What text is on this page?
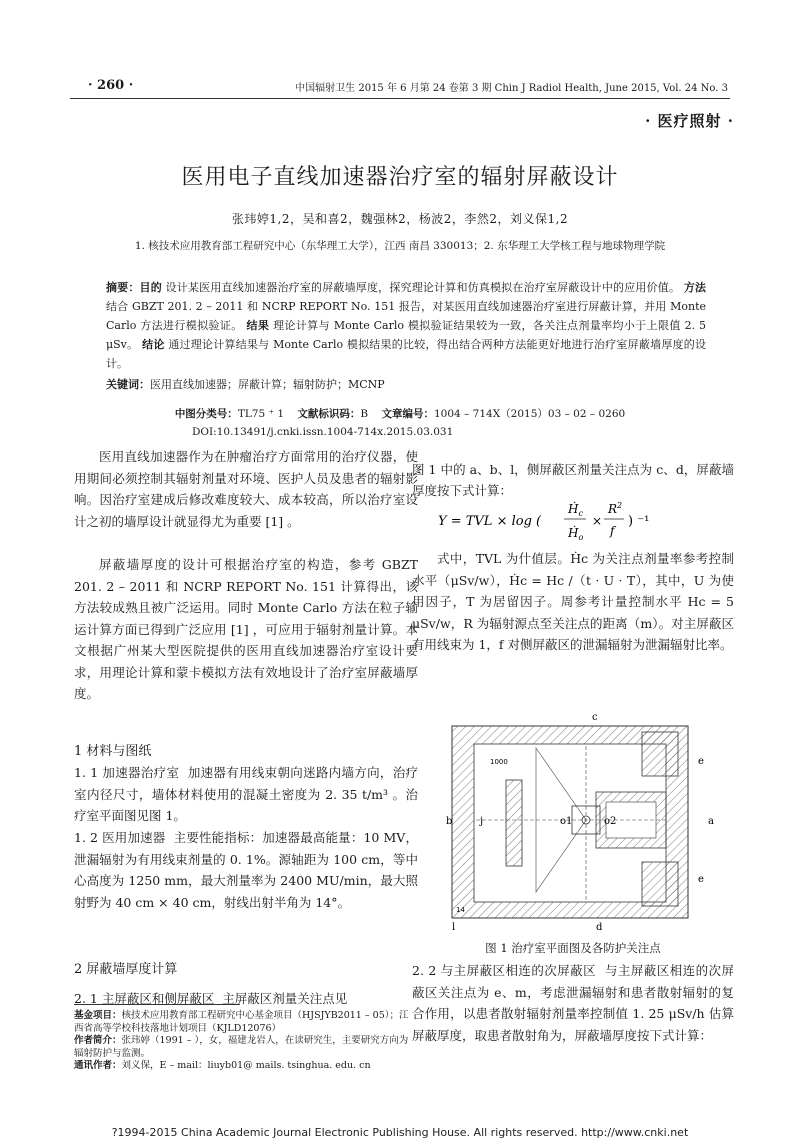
· 260 ·	中国辐射卫生 2015 年 6 月第 24 卷第 3 期 Chin J Radiol Health, June 2015, Vol. 24 No. 3
· 医疗照射 ·
医用电子直线加速器治疗室的辐射屏蔽设计
张玮婷1,2，吴和喜2，魏强林2，杨波2，李然2，刘义保1,2
1. 核技术应用教育部工程研究中心（东华理工大学），江西 南昌 330013；2. 东华理工大学核工程与地球物理学院
摘要：目的 设计某医用直线加速器治疗室的屏蔽墙厚度，探究理论计算和仿真模拟在治疗室屏蔽设计中的应用价值。 方法 结合 GBZT 201. 2 – 2011 和 NCRP REPORT No. 151 报告，对某医用直线加速器治疗室进行屏蔽计算，并用 Monte Carlo 方法进行模拟验证。 结果 理论计算与 Monte Carlo 模拟验证结果较为一致，各关注点剂量率均小于上限值 2. 5 μSv。 结论 通过理论计算结果与 Monte Carlo 模拟结果的比较，得出结合两种方法能更好地进行治疗室屏蔽墙厚度的设计。
关键词：医用直线加速器；屏蔽计算；辐射防护；MCNP
中图分类号：TL75 ⁺ 1 文献标识码：B 文章编号：1004 – 714X（2015）03 – 02 – 0260
DOI:10.13491/j.cnki.issn.1004-714x.2015.03.031

医用直线加速器作为在肿瘤治疗方面常用的治疗仪器，使用期间必须控制其辐射剂量对环境、医护人员及患者的辐射影响。因治疗室建成后修改难度较大、成本较高，所以治疗室设计之初的墙厚设计就显得尤为重要 [1] 。

屏蔽墙厚度的设计可根据治疗室的构造，参考 GBZT 201. 2 – 2011 和 NCRP REPORT No. 151 计算得出，该方法较成熟且被广泛运用。同时 Monte Carlo 方法在粒子输运计算方面已得到广泛应用 [1] ，可应用于辐射剂量计算。本文根据广州某大型医院提供的医用直线加速器治疗室设计要求，用理论计算和蒙卡模拟方法有效地设计了治疗室屏蔽墙厚度。

1 材料与图纸
1. 1 加速器治疗室 加速器有用线束朝向迷路内墙方向，治疗室内径尺寸，墙体材料使用的混凝土密度为 2. 35 t/m³ 。治疗室平面图见图 1。
1. 2 医用加速器 主要性能指标：加速器最高能量：10 MV，泄漏辐射为有用线束剂量的 0. 1%。源轴距为 100 cm，等中心高度为 1250 mm，最大剂量率为 2400 MU/min，最大照射野为 40 cm × 40 cm，射线出射半角为 14°。
2 屏蔽墙厚度计算
2. 1 主屏蔽区和侧屏蔽区 主屏蔽区剂量关注点见
基金项目：核技术应用教育部工程研究中心基金项目（HJSJYB2011 – 05）；江西省高等学校科技落地计划项目（KJLD12076）
作者简介：张玮婷（1991 – ），女，福建龙岩人，在读研究生，主要研究方向为辐射防护与监测。
通讯作者：刘义保，E – mail：liuyb01@ mails. tsinghua. edu. cn

图 1 中的 a、b、l，侧屏蔽区剂量关注点为 c、d，屏蔽墙厚度按下式计算：

Y = TVL × log (
Ḣ$_c$
Ḣ$_o$
×
$R^2$
f
) ⁻¹

式中，TVL 为什值层。Ḣc 为关注点剂量率参考控制水平（μSv/w），Ḣc = Hc /（t · U · T），其中，U 为使用因子，T 为居留因子。周参考计量控制水平 Hc = 5 μSv/w，R 为辐射源点至关注点的距离（m）。对主屏蔽区有用线束为 1，f 对侧屏蔽区的泄漏辐射为泄漏辐射比率。

c
e
b	j	o1	o2	a
e
l	d
1000
14
图 1 治疗室平面图及各防护关注点
2. 2 与主屏蔽区相连的次屏蔽区 与主屏蔽区相连的次屏蔽区关注点为 e、m，考虑泄漏辐射和患者散射辐射的复合作用，以患者散射辐射剂量率控制值 1. 25 μSv/h 估算屏蔽厚度，取患者散射角为，屏蔽墙厚度按下式计算：
?1994-2015 China Academic Journal Electronic Publishing House. All rights reserved. http://www.cnki.net
